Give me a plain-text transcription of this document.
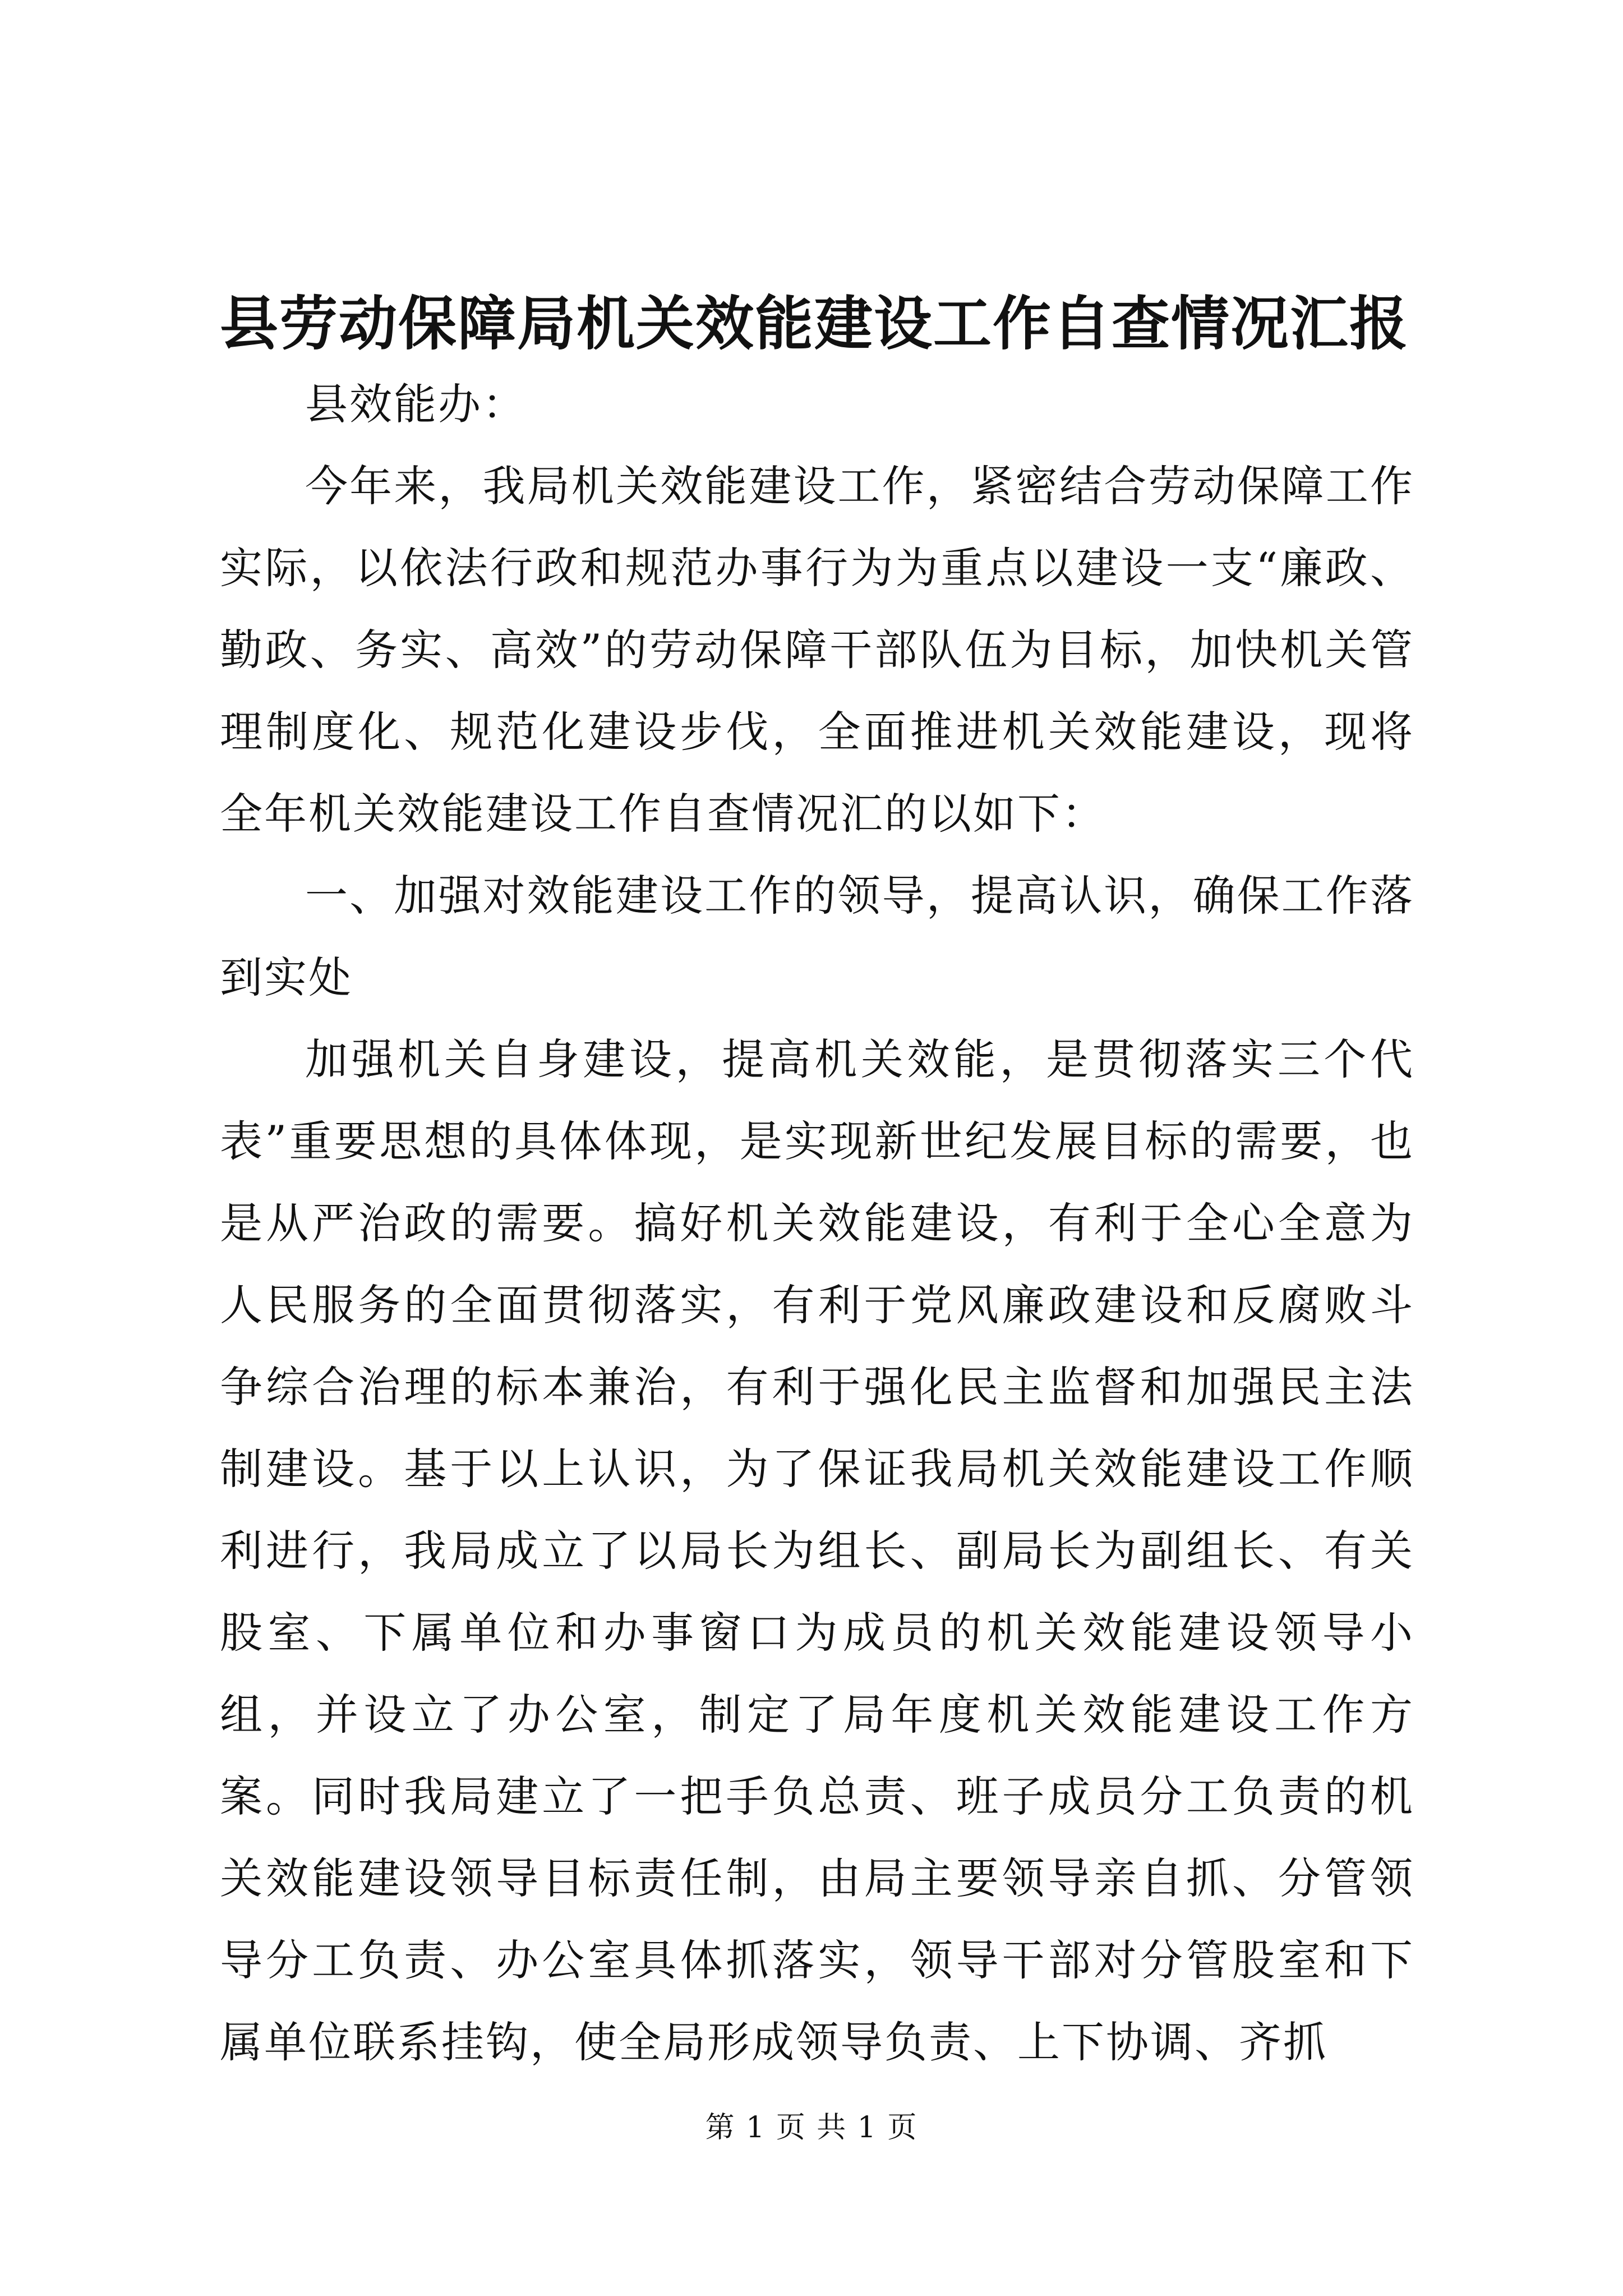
县劳动保障局机关效能建设工作自查情况汇报

县效能办：

今年来，我局机关效能建设工作，紧密结合劳动保障工作实际，以依法行政和规范办事行为为重点以建设一支“廉政、勤政、务实、高效”的劳动保障干部队伍为目标，加快机关管理制度化、规范化建设步伐，全面推进机关效能建设，现将全年机关效能建设工作自查情况汇的以如下：

一、加强对效能建设工作的领导，提高认识，确保工作落到实处

加强机关自身建设，提高机关效能，是贯彻落实三个代表”重要思想的具体体现，是实现新世纪发展目标的需要，也是从严治政的需要。搞好机关效能建设，有利于全心全意为人民服务的全面贯彻落实，有利于党风廉政建设和反腐败斗争综合治理的标本兼治，有利于强化民主监督和加强民主法制建设。基于以上认识，为了保证我局机关效能建设工作顺利进行，我局成立了以局长为组长、副局长为副组长、有关股室、下属单位和办事窗口为成员的机关效能建设领导小组，并设立了办公室，制定了局年度机关效能建设工作方案。同时我局建立了一把手负总责、班子成员分工负责的机关效能建设领导目标责任制，由局主要领导亲自抓、分管领导分工负责、办公室具体抓落实，领导干部对分管股室和下属单位联系挂钩，使全局形成领导负责、上下协调、齐抓

第 1 页 共 1 页
